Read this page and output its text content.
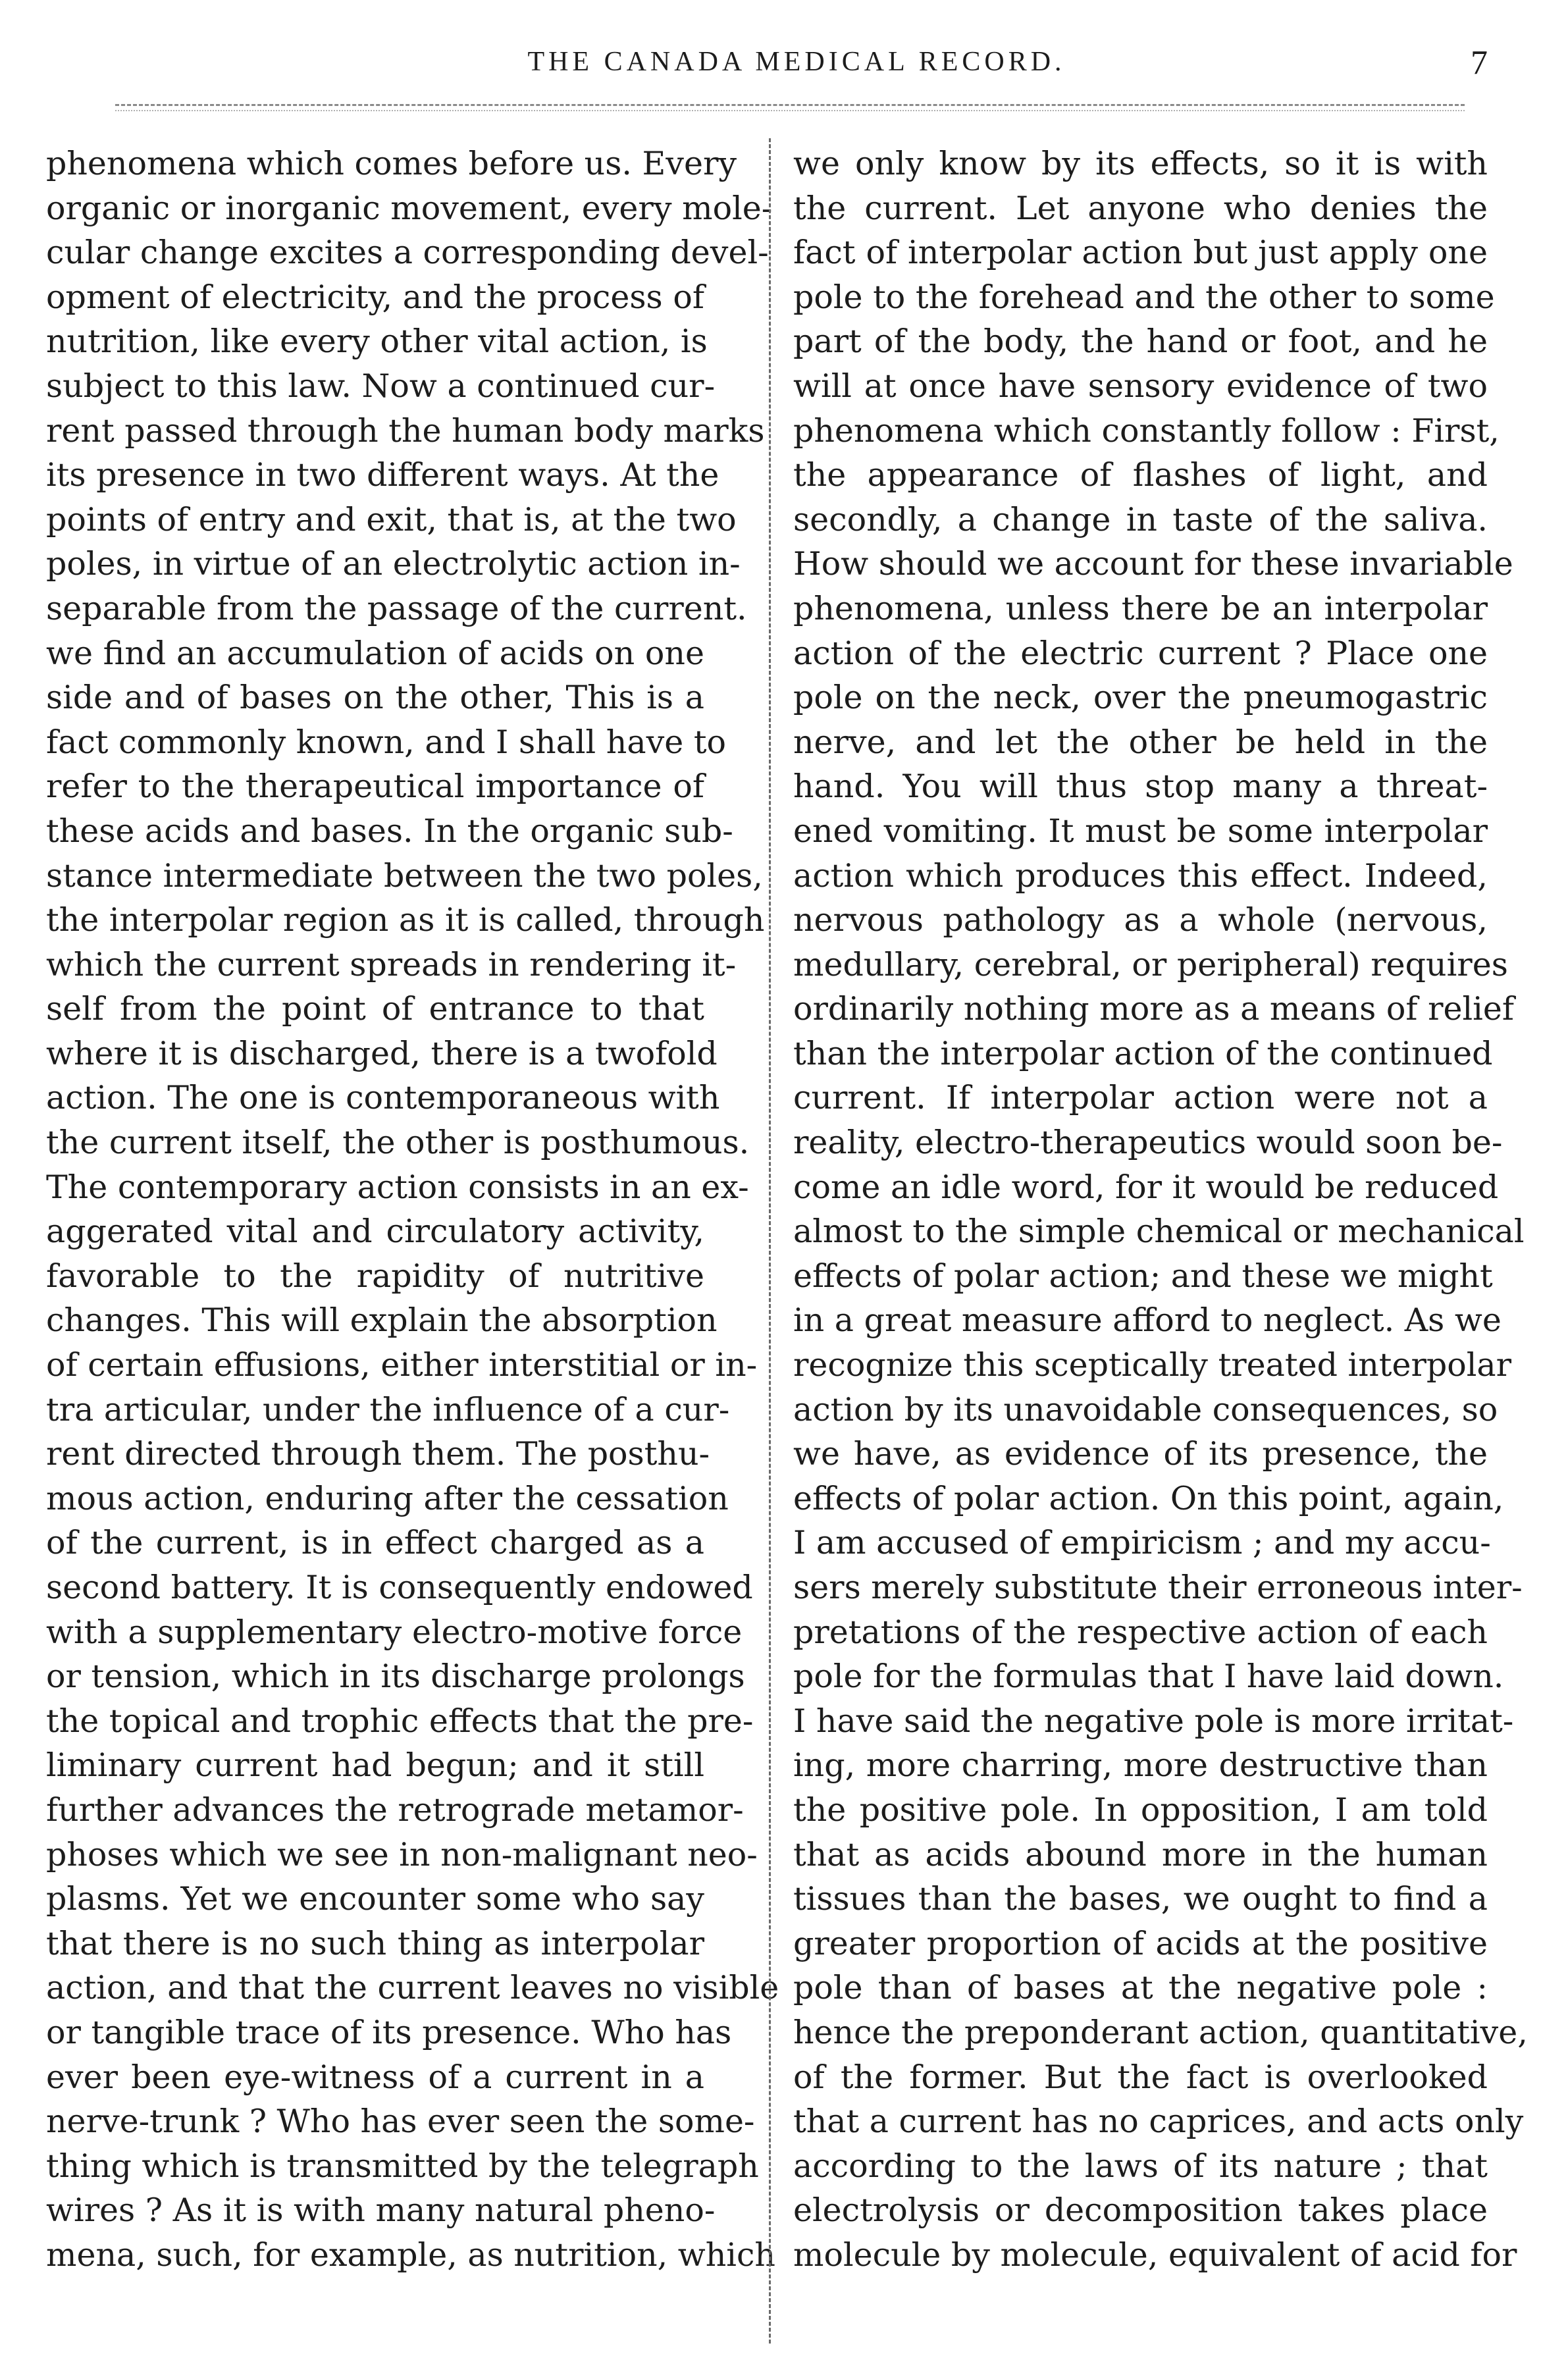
THE CANADA MEDICAL RECORD.	7
phenomena which comes before us. Every
organic or inorganic movement, every mole-
cular change excites a corresponding devel-
opment of electricity, and the process of
nutrition, like every other vital action, is
subject to this law. Now a continued cur-
rent passed through the human body marks
its presence in two different ways. At the
points of entry and exit, that is, at the two
poles, in virtue of an electrolytic action in-
separable from the passage of the current.
we find an accumulation of acids on one
side and of bases on the other, This is a
fact commonly known, and I shall have to
refer to the therapeutical importance of
these acids and bases. In the organic sub-
stance intermediate between the two poles,
the interpolar region as it is called, through
which the current spreads in rendering it-
self from the point of entrance to that
where it is discharged, there is a twofold
action. The one is contemporaneous with
the current itself, the other is posthumous.
The contemporary action consists in an ex-
aggerated vital and circulatory activity,
favorable to the rapidity of nutritive
changes. This will explain the absorption
of certain effusions, either interstitial or in-
tra articular, under the influence of a cur-
rent directed through them. The posthu-
mous action, enduring after the cessation
of the current, is in effect charged as a
second battery. It is consequently endowed
with a supplementary electro-motive force
or tension, which in its discharge prolongs
the topical and trophic effects that the pre-
liminary current had begun; and it still
further advances the retrograde metamor-
phoses which we see in non-malignant neo-
plasms. Yet we encounter some who say
that there is no such thing as interpolar
action, and that the current leaves no visible
or tangible trace of its presence. Who has
ever been eye-witness of a current in a
nerve-trunk ? Who has ever seen the some-
thing which is transmitted by the telegraph
wires ? As it is with many natural pheno-
mena, such, for example, as nutrition, which
we only know by its effects, so it is with
the current. Let anyone who denies the
fact of interpolar action but just apply one
pole to the forehead and the other to some
part of the body, the hand or foot, and he
will at once have sensory evidence of two
phenomena which constantly follow : First,
the appearance of flashes of light, and
secondly, a change in taste of the saliva.
How should we account for these invariable
phenomena, unless there be an interpolar
action of the electric current ? Place one
pole on the neck, over the pneumogastric
nerve, and let the other be held in the
hand. You will thus stop many a threat-
ened vomiting. It must be some interpolar
action which produces this effect. Indeed,
nervous pathology as a whole (nervous,
medullary, cerebral, or peripheral) requires
ordinarily nothing more as a means of relief
than the interpolar action of the continued
current. If interpolar action were not a
reality, electro-therapeutics would soon be-
come an idle word, for it would be reduced
almost to the simple chemical or mechanical
effects of polar action; and these we might
in a great measure afford to neglect. As we
recognize this sceptically treated interpolar
action by its unavoidable consequences, so
we have, as evidence of its presence, the
effects of polar action. On this point, again,
I am accused of empiricism ; and my accu-
sers merely substitute their erroneous inter-
pretations of the respective action of each
pole for the formulas that I have laid down.
I have said the negative pole is more irritat-
ing, more charring, more destructive than
the positive pole. In opposition, I am told
that as acids abound more in the human
tissues than the bases, we ought to find a
greater proportion of acids at the positive
pole than of bases at the negative pole :
hence the preponderant action, quantitative,
of the former. But the fact is overlooked
that a current has no caprices, and acts only
according to the laws of its nature ; that
electrolysis or decomposition takes place
molecule by molecule, equivalent of acid for
